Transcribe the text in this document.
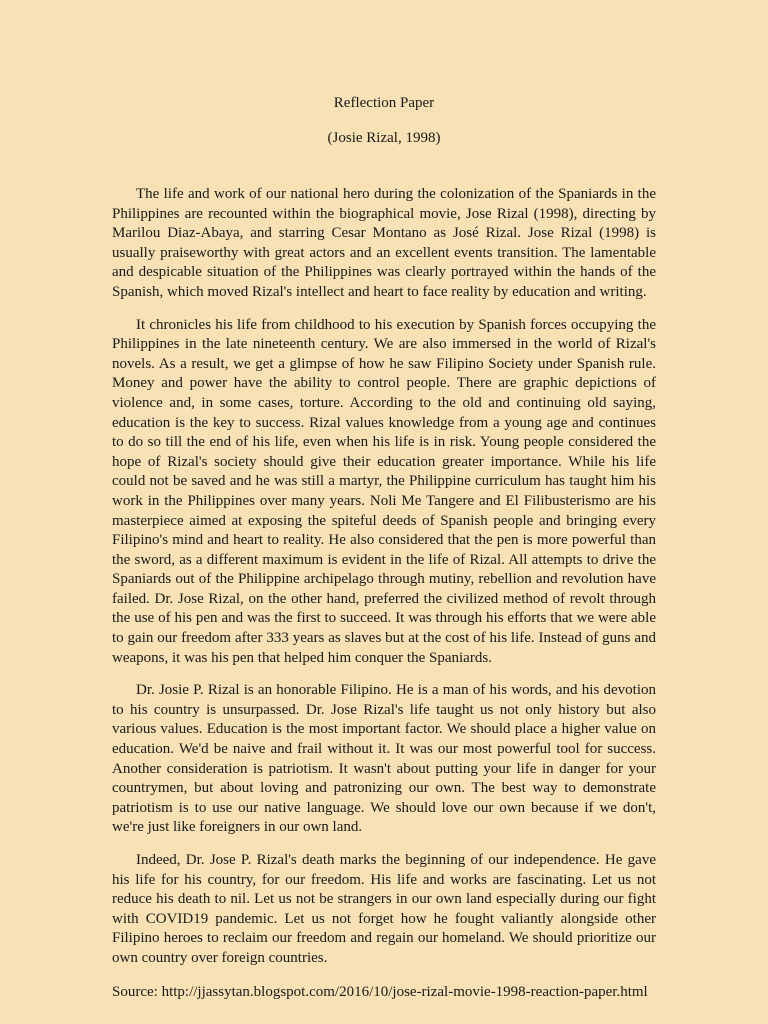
Reflection Paper

(Josie Rizal, 1998)

The life and work of our national hero during the colonization of the Spaniards in the Philippines are recounted within the biographical movie, Jose Rizal (1998), directing by Marilou Diaz-Abaya, and starring Cesar Montano as José Rizal. Jose Rizal (1998) is usually praiseworthy with great actors and an excellent events transition. The lamentable and despicable situation of the Philippines was clearly portrayed within the hands of the Spanish, which moved Rizal's intellect and heart to face reality by education and writing.

It chronicles his life from childhood to his execution by Spanish forces occupying the Philippines in the late nineteenth century. We are also immersed in the world of Rizal's novels. As a result, we get a glimpse of how he saw Filipino Society under Spanish rule. Money and power have the ability to control people. There are graphic depictions of violence and, in some cases, torture. According to the old and continuing old saying, education is the key to success. Rizal values knowledge from a young age and continues to do so till the end of his life, even when his life is in risk. Young people considered the hope of Rizal's society should give their education greater importance. While his life could not be saved and he was still a martyr, the Philippine curriculum has taught him his work in the Philippines over many years. Noli Me Tangere and El Filibusterismo are his masterpiece aimed at exposing the spiteful deeds of Spanish people and bringing every Filipino's mind and heart to reality. He also considered that the pen is more powerful than the sword, as a different maximum is evident in the life of Rizal. All attempts to drive the Spaniards out of the Philippine archipelago through mutiny, rebellion and revolution have failed. Dr. Jose Rizal, on the other hand, preferred the civilized method of revolt through the use of his pen and was the first to succeed. It was through his efforts that we were able to gain our freedom after 333 years as slaves but at the cost of his life. Instead of guns and weapons, it was his pen that helped him conquer the Spaniards.

Dr. Josie P. Rizal is an honorable Filipino. He is a man of his words, and his devotion to his country is unsurpassed. Dr. Jose Rizal's life taught us not only history but also various values. Education is the most important factor. We should place a higher value on education. We'd be naive and frail without it. It was our most powerful tool for success. Another consideration is patriotism. It wasn't about putting your life in danger for your countrymen, but about loving and patronizing our own. The best way to demonstrate patriotism is to use our native language. We should love our own because if we don't, we're just like foreigners in our own land.

Indeed, Dr. Jose P. Rizal's death marks the beginning of our independence. He gave his life for his country, for our freedom. His life and works are fascinating. Let us not reduce his death to nil. Let us not be strangers in our own land especially during our fight with COVID19 pandemic. Let us not forget how he fought valiantly alongside other Filipino heroes to reclaim our freedom and regain our homeland. We should prioritize our own country over foreign countries.

Source: http://jjassytan.blogspot.com/2016/10/jose-rizal-movie-1998-reaction-paper.html
